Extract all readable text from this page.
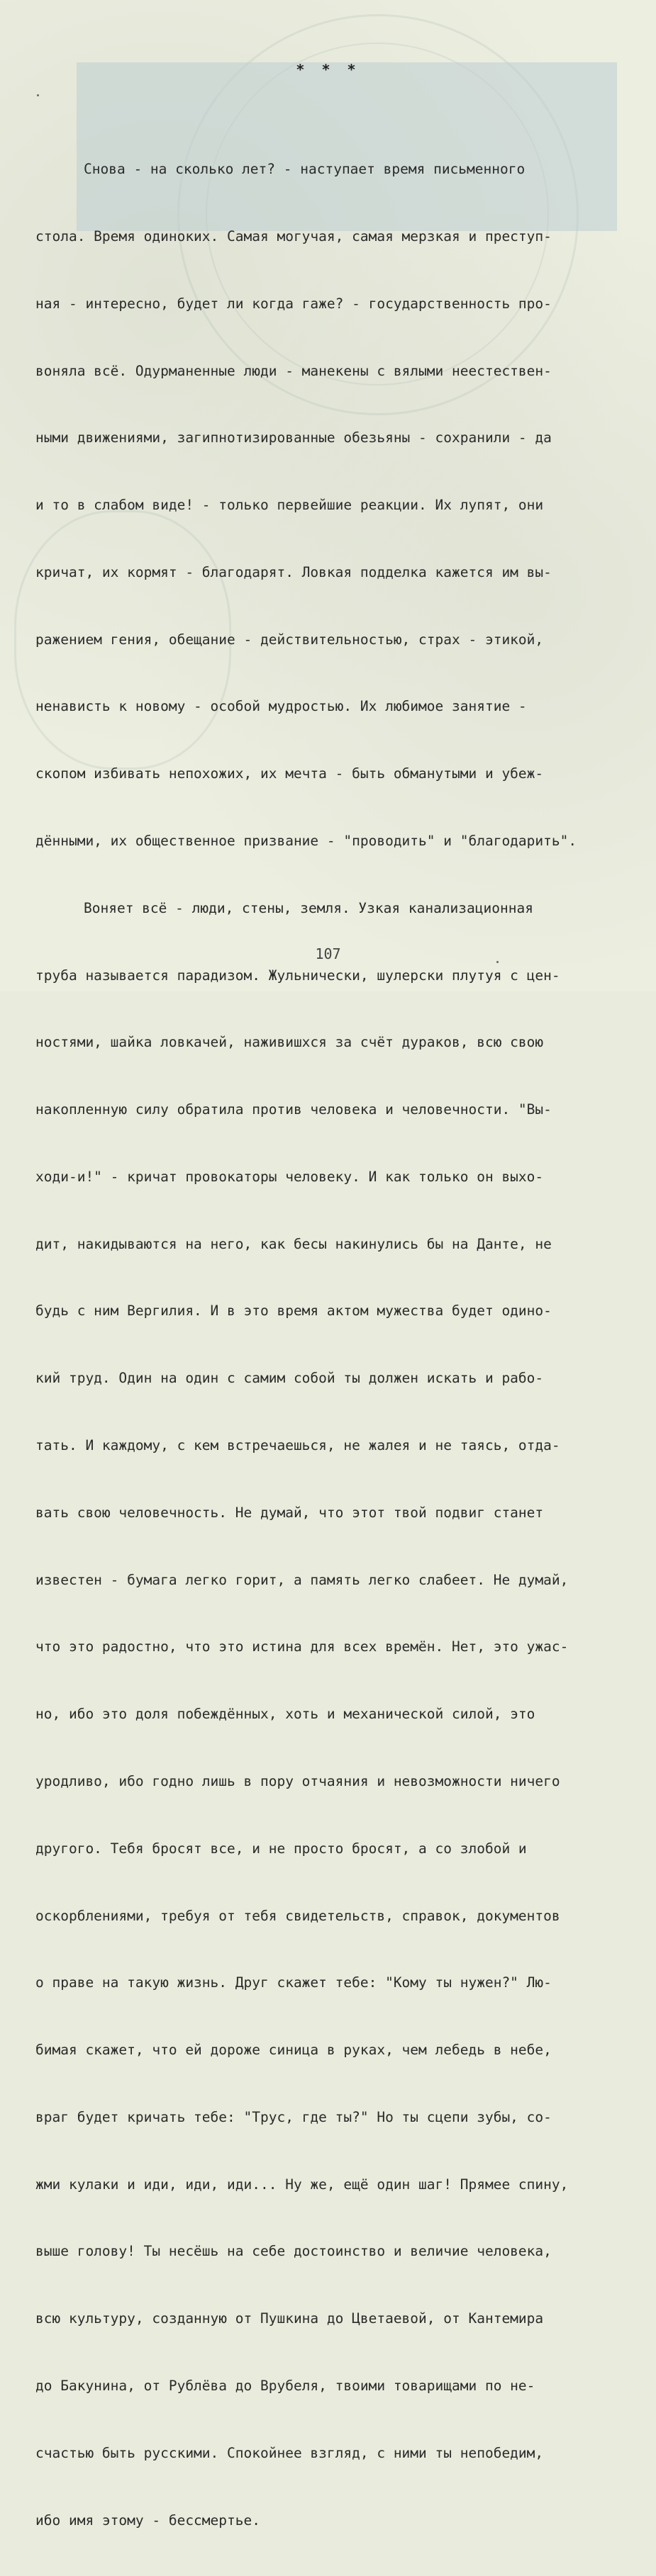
* * *

Снова - на сколько лет? - наступает время письменного

стола. Время одиноких. Самая могучая, самая мерзкая и преступ-

ная - интересно, будет ли когда гаже? - государственность про-

воняла всё. Одурманенные люди - манекены с вялыми неестествен-

ными движениями, загипнотизированные обезьяны - сохранили - да

и то в слабом виде! - только первейшие реакции. Их лупят, они

кричат, их кормят - благодарят. Ловкая подделка кажется им вы-

ражением гения, обещание - действительностью, страх - этикой,

ненависть к новому - особой мудростью. Их любимое занятие -

скопом избивать непохожих, их мечта - быть обманутыми и убеж-

дёнными, их общественное призвание - "проводить" и "благодарить".

Воняет всё - люди, стены, земля. Узкая канализационная

труба называется парадизом. Жульнически, шулерски плутуя с цен-

ностями, шайка ловкачей, наживишхся за счёт дураков, всю свою

накопленную силу обратила против человека и человечности. "Вы-

ходи-и!" - кричат провокаторы человеку. И как только он выхо-

дит, накидываются на него, как бесы накинулись бы на Данте, не

будь с ним Вергилия. И в это время актом мужества будет одино-

кий труд. Один на один с самим собой ты должен искать и рабо-

тать. И каждому, с кем встречаешься, не жалея и не таясь, отда-

вать свою человечность. Не думай, что этот твой подвиг станет

известен - бумага легко горит, а память легко слабеет. Не думай,

что это радостно, что это истина для всех времён. Нет, это ужас-

но, ибо это доля побеждённых, хоть и механической силой, это

уродливо, ибо годно лишь в пору отчаяния и невозможности ничего

другого. Тебя бросят все, и не просто бросят, а со злобой и

оскорблениями, требуя от тебя свидетельств, справок, документов

о праве на такую жизнь. Друг скажет тебе: "Кому ты нужен?" Лю-

бимая скажет, что ей дороже синица в руках, чем лебедь в небе,

враг будет кричать тебе: "Трус, где ты?" Но ты сцепи зубы, со-

жми кулаки и иди, иди, иди... Ну же, ещё один шаг! Прямее спину,

выше голову! Ты несёшь на себе достоинство и величие человека,

всю культуру, созданную от Пушкина до Цветаевой, от Кантемира

до Бакунина, от Рублёва до Врубеля, твоими товарищами по не-

счастью быть русскими. Спокойнее взгляд, с ними ты непобедим,

ибо имя этому - бессмертье.

107
